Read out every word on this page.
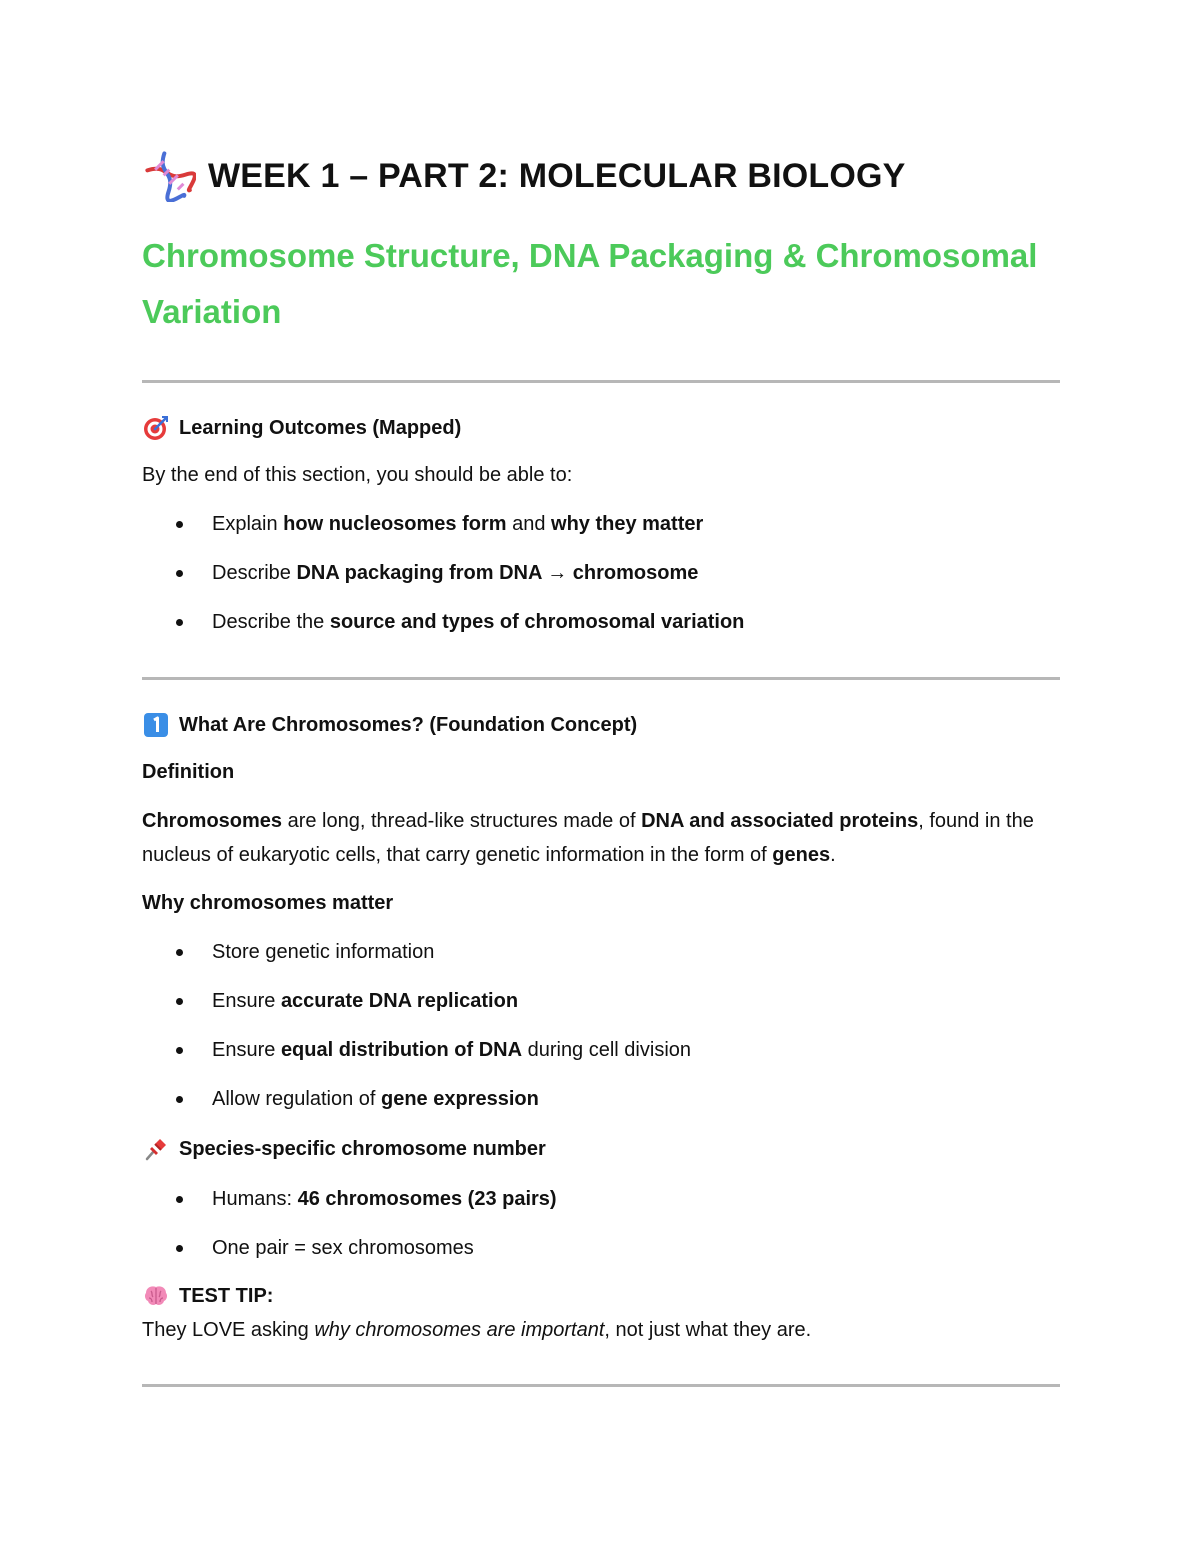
WEEK 1 – PART 2: MOLECULAR BIOLOGY
Chromosome Structure, DNA Packaging & Chromosomal Variation
Learning Outcomes (Mapped)

By the end of this section, you should be able to:

Explain how nucleosomes form and why they matter
Describe DNA packaging from DNA → chromosome
Describe the source and types of chromosomal variation
What Are Chromosomes? (Foundation Concept)

Definition

Chromosomes are long, thread-like structures made of DNA and associated proteins, found in the nucleus of eukaryotic cells, that carry genetic information in the form of genes.

Why chromosomes matter

Store genetic information
Ensure accurate DNA replication
Ensure equal distribution of DNA during cell division
Allow regulation of gene expression
Species-specific chromosome number
Humans: 46 chromosomes (23 pairs)
One pair = sex chromosomes
TEST TIP:

They LOVE asking why chromosomes are important, not just what they are.
